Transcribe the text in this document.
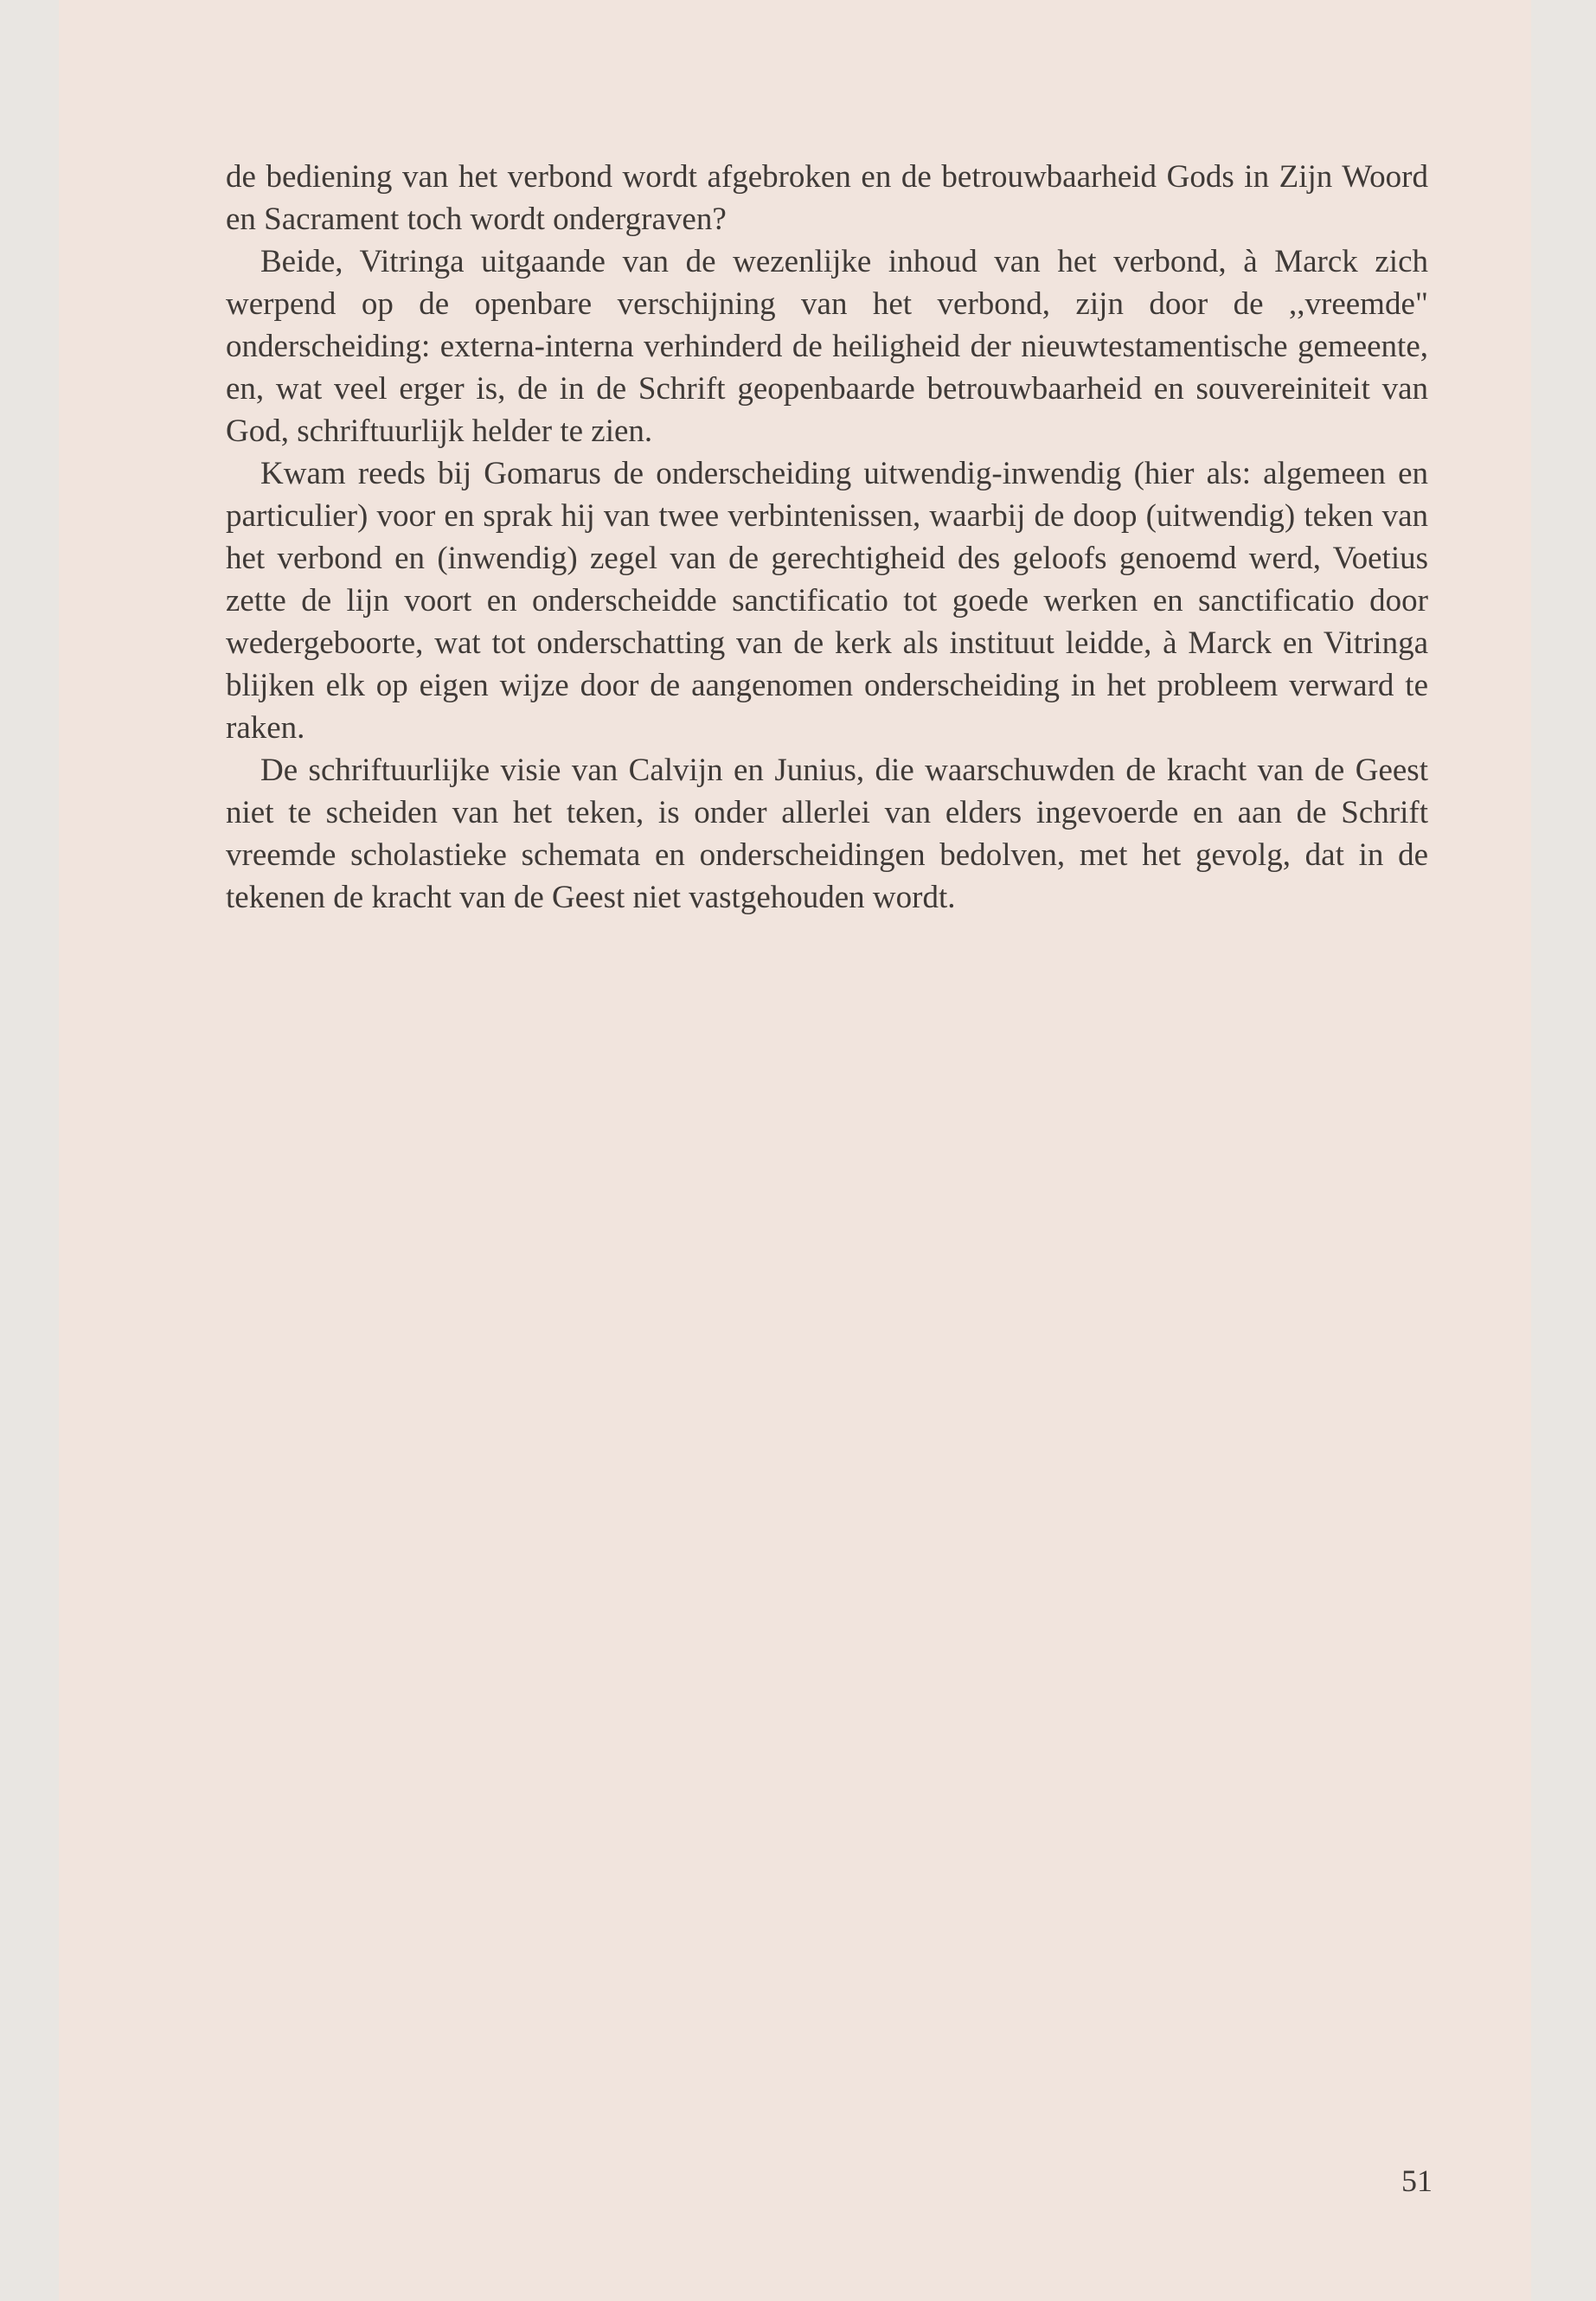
de bediening van het verbond wordt afgebroken en de betrouwbaarheid Gods in Zijn Woord en Sacrament toch wordt ondergraven?

Beide, Vitringa uitgaande van de wezenlijke inhoud van het verbond, à Marck zich werpend op de openbare verschijning van het verbond, zijn door de ,,vreemde" onderscheiding: externa-interna verhinderd de heiligheid der nieuwtestamentische gemeente, en, wat veel erger is, de in de Schrift geopenbaarde betrouwbaarheid en souvereiniteit van God, schriftuurlijk helder te zien.

Kwam reeds bij Gomarus de onderscheiding uitwendig-inwendig (hier als: algemeen en particulier) voor en sprak hij van twee verbintenissen, waarbij de doop (uitwendig) teken van het verbond en (inwendig) zegel van de gerechtigheid des geloofs genoemd werd, Voetius zette de lijn voort en onderscheidde sanctificatio tot goede werken en sanctificatio door wedergeboorte, wat tot onderschatting van de kerk als instituut leidde, à Marck en Vitringa blijken elk op eigen wijze door de aangenomen onderscheiding in het probleem verward te raken.

De schriftuurlijke visie van Calvijn en Junius, die waarschuwden de kracht van de Geest niet te scheiden van het teken, is onder allerlei van elders ingevoerde en aan de Schrift vreemde scholastieke schemata en onderscheidingen bedolven, met het gevolg, dat in de tekenen de kracht van de Geest niet vastgehouden wordt.

51
